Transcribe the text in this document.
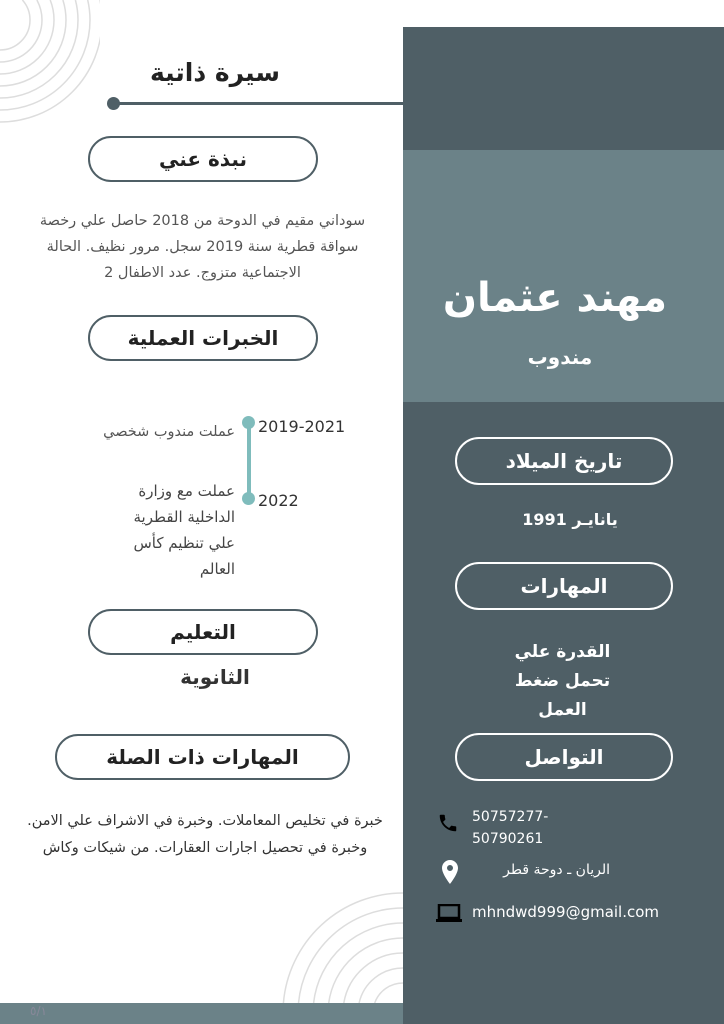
٥/١
سيرة ذاتية
نبذة عني
سوداني مقيم في الدوحة من 2018 حاصل علي رخصة سواقة قطرية سنة 2019 سجل. مرور نظيف. الحالة الاجتماعية متزوج. عدد الاطفال 2
الخبرات العملية
2019-2021
عملت مندوب شخصي
2022
عملت مع وزارة الداخلية القطرية علي تنظيم كأس العالم
التعليم
الثانوية
المهارات ذات الصلة
خبرة في تخليص المعاملات. وخبرة في الاشراف علي الامن. وخبرة في تحصيل اجارات العقارات. من شيكات وكاش
مهند عثمان
مندوب
تاريخ الميلاد
يانايـر 1991
المهارات
القدرة علي تحمل ضغط العمل
التواصل
50757277-
50790261
الريان ـ دوحة قطر
mhndwd999@gmail.com
